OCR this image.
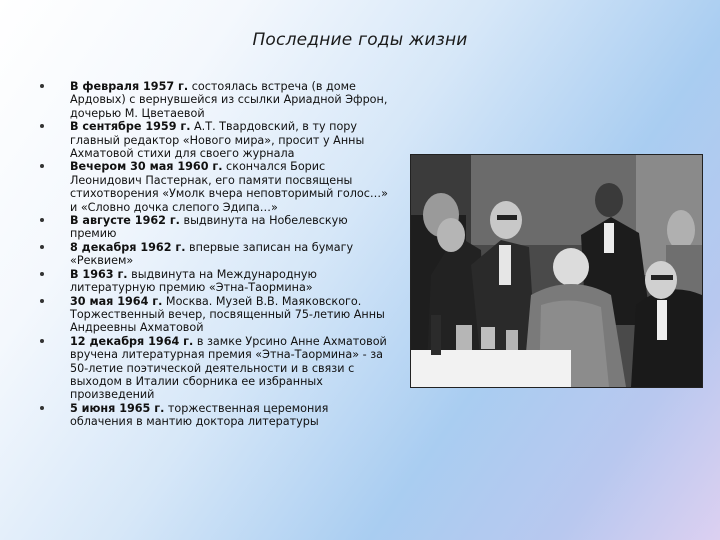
Последние годы жизни
В февраля 1957 г. состоялась встреча (в доме Ардовых) с вернувшейся из ссылки Ариадной Эфрон, дочерью М. Цветаевой
В сентябре 1959 г. А.Т. Твардовский, в ту пору главный редактор «Нового мира», просит у Анны Ахматовой стихи для своего журнала
Вечером 30 мая 1960 г. скончался Борис Леонидович Пастернак, его памяти посвящены стихотворения «Умолк вчера неповторимый голос…» и «Словно дочка слепого Эдипа…»
В августе 1962 г. выдвинута на Нобелевскую премию
8 декабря 1962 г. впервые записан на бумагу «Реквием»
В 1963 г. выдвинута на Международную литературную премию «Этна-Таормина»
30 мая 1964 г. Москва. Музей В.В. Маяковского. Торжественный вечер, посвященный 75-летию Анны Андреевны Ахматовой
12 декабря 1964 г. в замке Урсино Анне Ахматовой вручена литературная премия «Этна-Таормина» - за 50-летие поэтической деятельности и в связи с выходом в Италии сборника ее избранных произведений
5 июня 1965 г. торжественная церемония облачения в мантию доктора литературы
